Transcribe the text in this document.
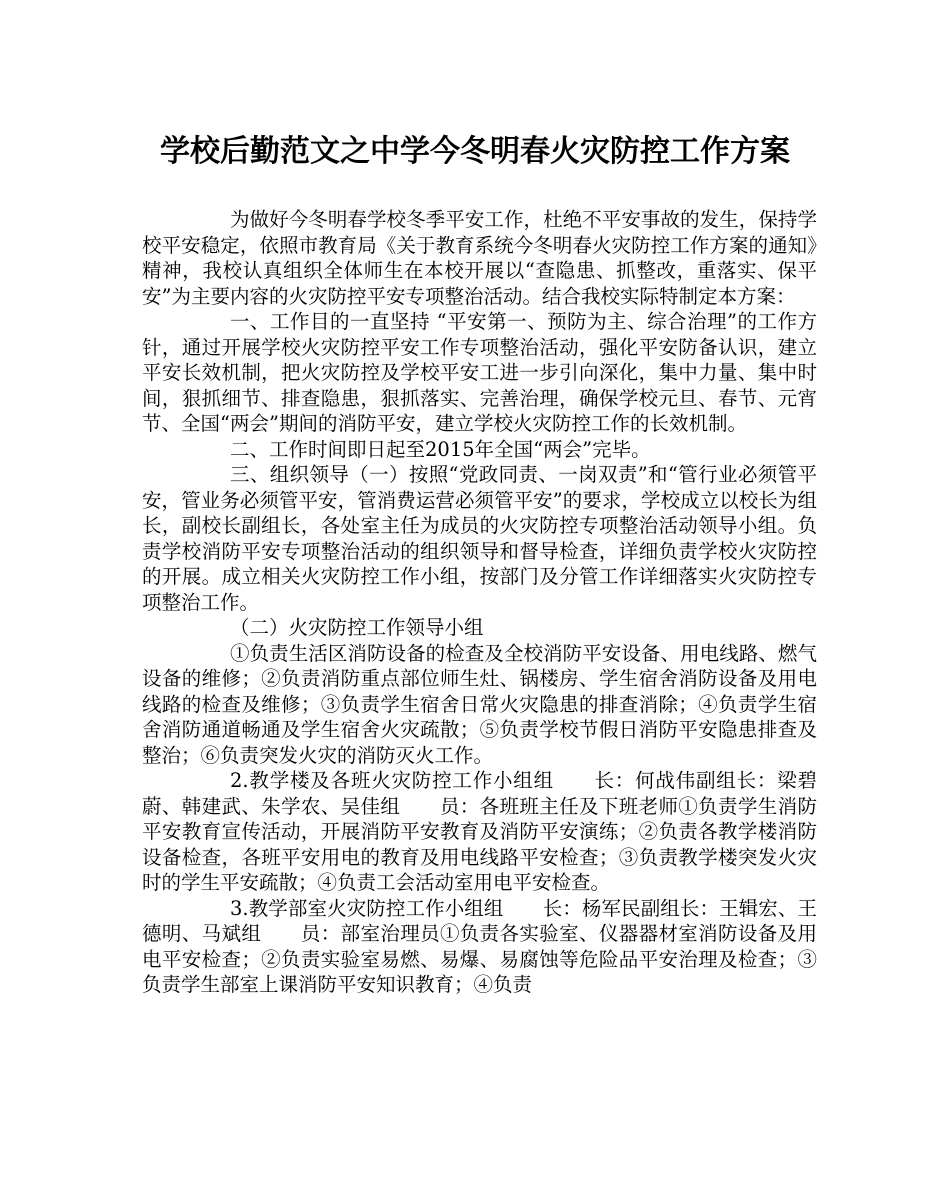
学校后勤范文之中学今冬明春火灾防控工作方案

为做好今冬明春学校冬季平安工作，杜绝不平安事故的发生，保持学校平安稳定，依照市教育局《关于教育系统今冬明春火灾防控工作方案的通知》精神，我校认真组织全体师生在本校开展以“查隐患、抓整改，重落实、保平安”为主要内容的火灾防控平安专项整治活动。结合我校实际特制定本方案：

一、工作目的一直坚持 “平安第一、预防为主、综合治理”的工作方针，通过开展学校火灾防控平安工作专项整治活动，强化平安防备认识，建立平安长效机制，把火灾防控及学校平安工进一步引向深化，集中力量、集中时间，狠抓细节、排查隐患，狠抓落实、完善治理，确保学校元旦、春节、元宵节、全国“两会”期间的消防平安，建立学校火灾防控工作的长效机制。

二、工作时间即日起至2015年全国“两会”完毕。

三、组织领导（一）按照“党政同责、一岗双责”和“管行业必须管平安，管业务必须管平安，管消费运营必须管平安”的要求，学校成立以校长为组长，副校长副组长，各处室主任为成员的火灾防控专项整治活动领导小组。负责学校消防平安专项整治活动的组织领导和督导检查，详细负责学校火灾防控的开展。成立相关火灾防控工作小组，按部门及分管工作详细落实火灾防控专项整治工作。

（二）火灾防控工作领导小组

①负责生活区消防设备的检查及全校消防平安设备、用电线路、燃气设备的维修；②负责消防重点部位师生灶、锅楼房、学生宿舍消防设备及用电线路的检查及维修；③负责学生宿舍日常火灾隐患的排查消除；④负责学生宿舍消防通道畅通及学生宿舍火灾疏散；⑤负责学校节假日消防平安隐患排查及整治；⑥负责突发火灾的消防灭火工作。

2.教学楼及各班火灾防控工作小组组　　长：何战伟副组长：梁碧蔚、韩建武、朱学农、吴佳组　　员：各班班主任及下班老师①负责学生消防平安教育宣传活动，开展消防平安教育及消防平安演练；②负责各教学楼消防设备检查，各班平安用电的教育及用电线路平安检查；③负责教学楼突发火灾时的学生平安疏散；④负责工会活动室用电平安检查。

3.教学部室火灾防控工作小组组　　长：杨军民副组长：王辑宏、王德明、马斌组　　员：部室治理员①负责各实验室、仪器器材室消防设备及用电平安检查；②负责实验室易燃、易爆、易腐蚀等危险品平安治理及检查；③负责学生部室上课消防平安知识教育；④负责
